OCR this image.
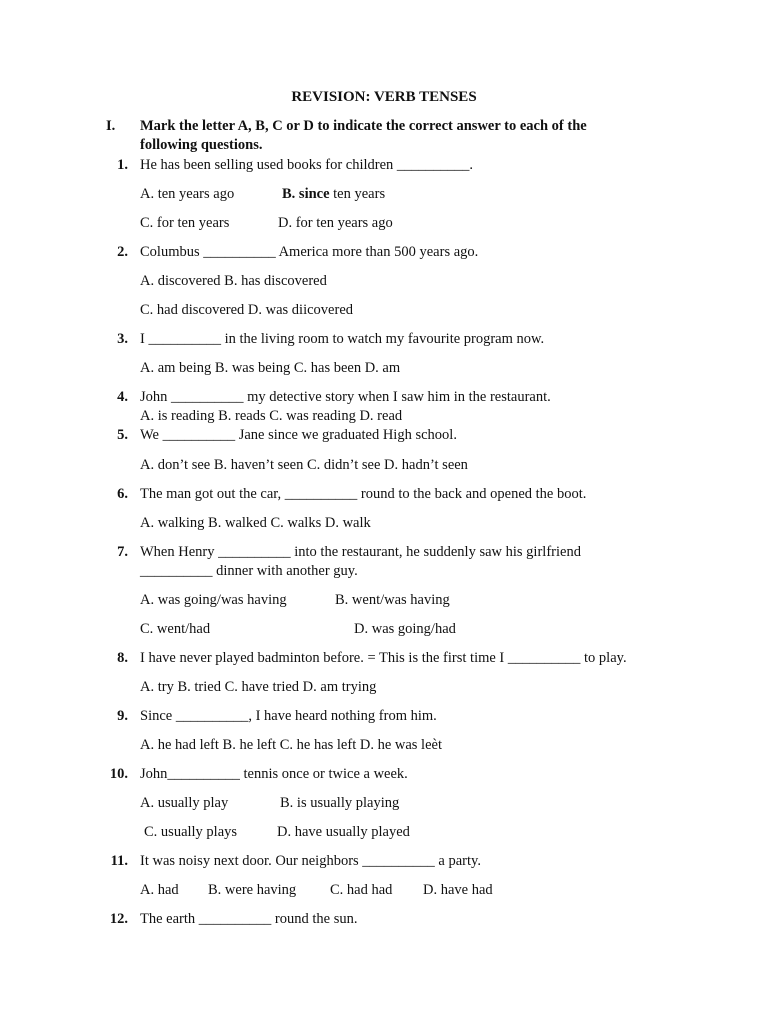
REVISION: VERB TENSES
I. Mark the letter A, B, C or D to indicate the correct answer to each of the
following questions.
1. He has been selling used books for children __________.
A. ten years ago	B. since ten years
C. for ten years	D. for ten years ago
2. Columbus __________ America more than 500 years ago.
A. discovered B. has discovered
C. had discovered D. was diicovered
3. I __________ in the living room to watch my favourite program now.
A. am being B. was being C. has been D. am
4. John __________ my detective story when I saw him in the restaurant.
A. is reading B. reads C. was reading D. read
5. We __________ Jane since we graduated High school.
A. don’t see B. haven’t seen C. didn’t see D. hadn’t seen
6. The man got out the car, __________ round to the back and opened the boot.
A. walking B. walked C. walks D. walk
7. When Henry __________ into the restaurant, he suddenly saw his girlfriend
__________ dinner with another guy.
A. was going/was having	B. went/was having
C. went/had	D. was going/had
8. I have never played badminton before. = This is the first time I __________ to play.
A. try B. tried C. have tried D. am trying
9. Since __________, I have heard nothing from him.
A. he had left B. he left C. he has left D. he was leèt
10. John__________ tennis once or twice a week.
A. usually play	B. is usually playing
C. usually plays	D. have usually played
11. It was noisy next door. Our neighbors __________ a party.
A. had B. were having C. had had D. have had
12. The earth __________ round the sun.
